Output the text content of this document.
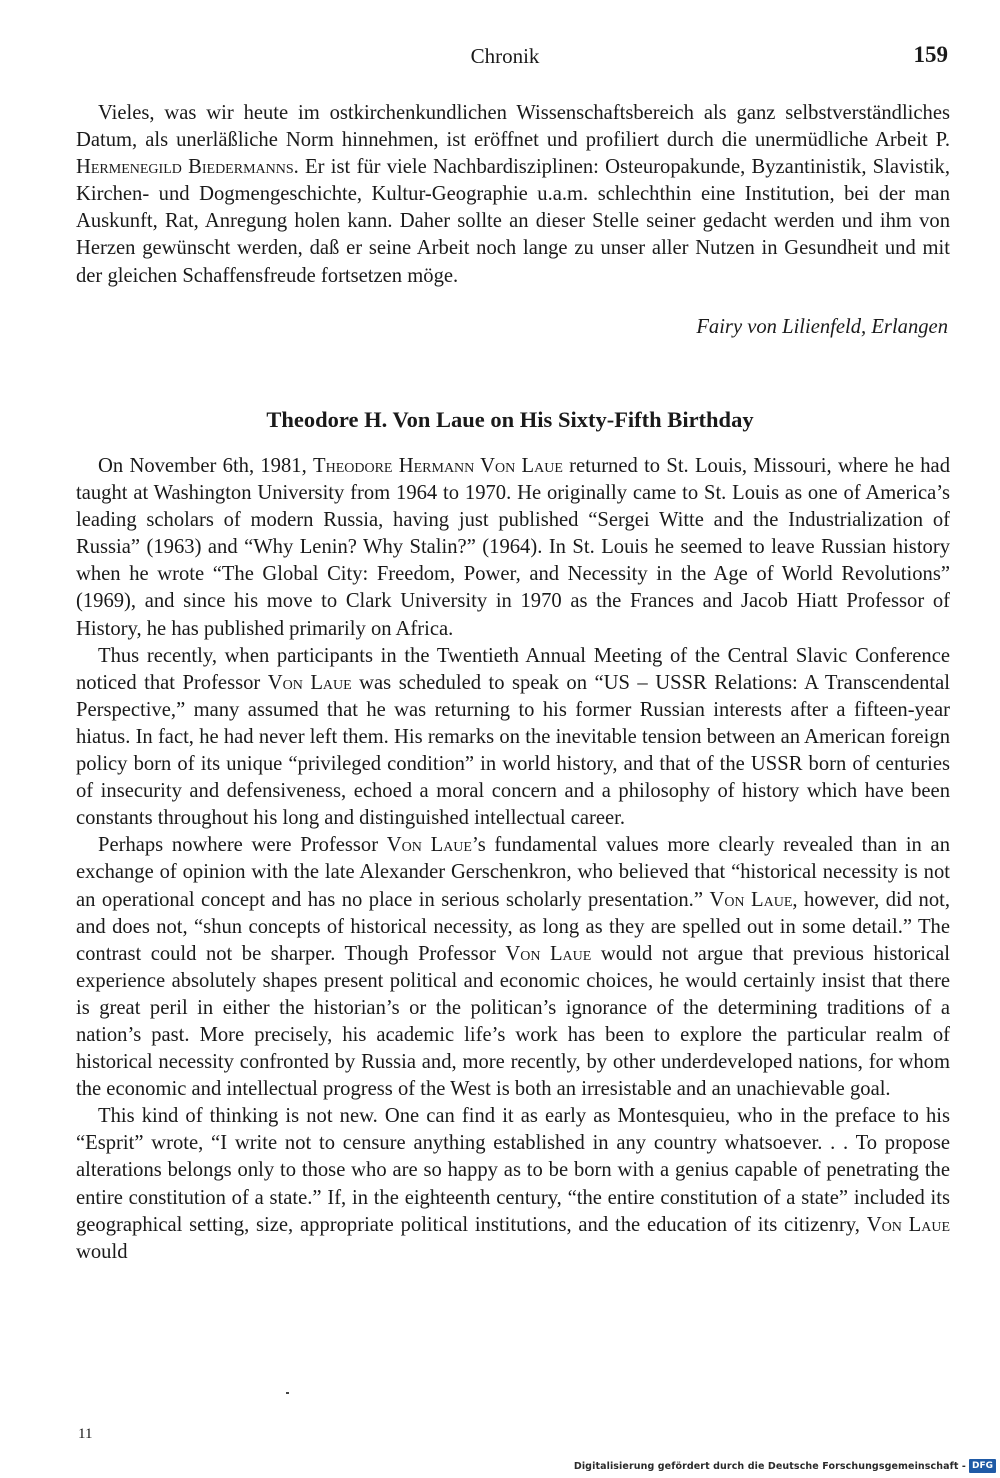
Chronik	159

Vieles, was wir heute im ostkirchenkundlichen Wissenschaftsbereich als ganz selbstverständliches Datum, als unerläßliche Norm hinnehmen, ist eröffnet und profiliert durch die unermüdliche Arbeit P. Hermenegild Biedermanns. Er ist für viele Nachbardisziplinen: Osteuropakunde, Byzantinistik, Slavistik, Kirchen- und Dogmengeschichte, Kultur-Geographie u.a.m. schlechthin eine Institution, bei der man Auskunft, Rat, Anregung holen kann. Daher sollte an dieser Stelle seiner gedacht werden und ihm von Herzen gewünscht werden, daß er seine Arbeit noch lange zu unser aller Nutzen in Gesundheit und mit der gleichen Schaffensfreude fortsetzen möge.

Fairy von Lilienfeld, Erlangen
Theodore H. Von Laue on His Sixty-Fifth Birthday

On November 6th, 1981, Theodore Hermann Von Laue returned to St. Louis, Missouri, where he had taught at Washington University from 1964 to 1970. He originally came to St. Louis as one of America’s leading scholars of modern Russia, having just published “Sergei Witte and the Industrialization of Russia” (1963) and “Why Lenin? Why Stalin?” (1964). In St. Louis he seemed to leave Russian history when he wrote “The Global City: Freedom, Power, and Necessity in the Age of World Revolutions” (1969), and since his move to Clark University in 1970 as the Frances and Jacob Hiatt Professor of History, he has published primarily on Africa.

Thus recently, when participants in the Twentieth Annual Meeting of the Central Slavic Conference noticed that Professor Von Laue was scheduled to speak on “US – USSR Relations: A Transcendental Perspective,” many assumed that he was returning to his former Russian interests after a fifteen-year hiatus. In fact, he had never left them. His remarks on the inevitable tension between an American foreign policy born of its unique “privileged condition” in world history, and that of the USSR born of centuries of insecurity and defensiveness, echoed a moral concern and a philosophy of history which have been constants throughout his long and distinguished intellectual career.

Perhaps nowhere were Professor Von Laue’s fundamental values more clearly revealed than in an exchange of opinion with the late Alexander Gerschenkron, who believed that “historical necessity is not an operational concept and has no place in serious scholarly presentation.” Von Laue, however, did not, and does not, “shun concepts of historical necessity, as long as they are spelled out in some detail.” The contrast could not be sharper. Though Professor Von Laue would not argue that previous historical experience absolutely shapes present political and economic choices, he would certainly insist that there is great peril in either the historian’s or the politican’s ignorance of the determining traditions of a nation’s past. More precisely, his academic life’s work has been to explore the particular realm of historical necessity confronted by Russia and, more recently, by other underdeveloped nations, for whom the economic and intellectual progress of the West is both an irresistable and an unachievable goal.

This kind of thinking is not new. One can find it as early as Montesquieu, who in the preface to his “Esprit” wrote, “I write not to censure anything established in any country whatsoever. . . To propose alterations belongs only to those who are so happy as to be born with a genius capable of penetrating the entire constitution of a state.” If, in the eighteenth century, “the entire constitution of a state” included its geographical setting, size, appropriate political institutions, and the education of its citizenry, Von Laue would

11
Digitalisierung gefördert durch die Deutsche Forschungsgemeinschaft - DFG
